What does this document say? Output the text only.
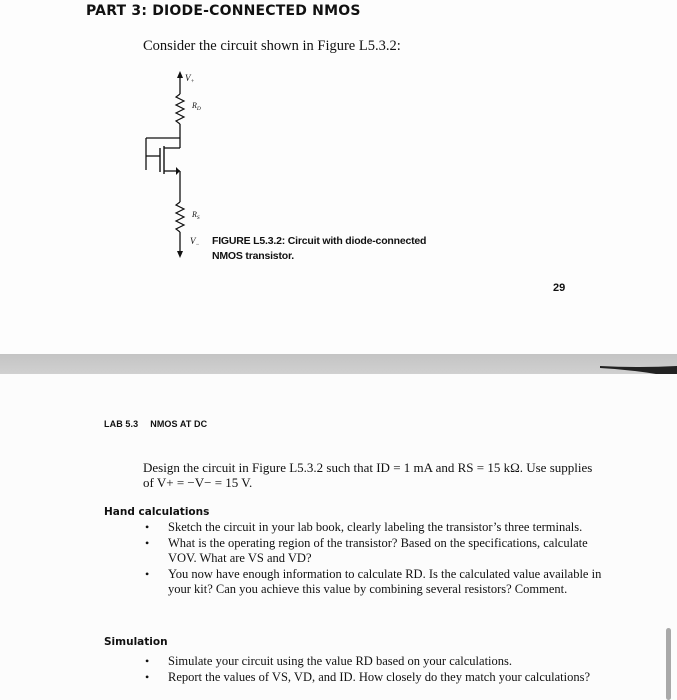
PART 3: DIODE-CONNECTED NMOS
Consider the circuit shown in Figure L5.3.2:
$V_+$
$R_D$
$R_S$
$V_-$ FIGURE L5.3.2: Circuit with diode-connected NMOS transistor.
29
LAB 5.3 NMOS AT DC
Design the circuit in Figure L5.3.2 such that ID = 1 mA and RS = 15 kΩ. Use supplies of V+ = −V− = 15 V.
Hand calculations
• Sketch the circuit in your lab book, clearly labeling the transistor’s three terminals.
• What is the operating region of the transistor? Based on the specifications, calculate VOV. What are VS and VD?
• You now have enough information to calculate RD. Is the calculated value available in your kit? Can you achieve this value by combining several resistors? Comment.
Simulation
• Simulate your circuit using the value RD based on your calculations.
• Report the values of VS, VD, and ID. How closely do they match your calculations?
